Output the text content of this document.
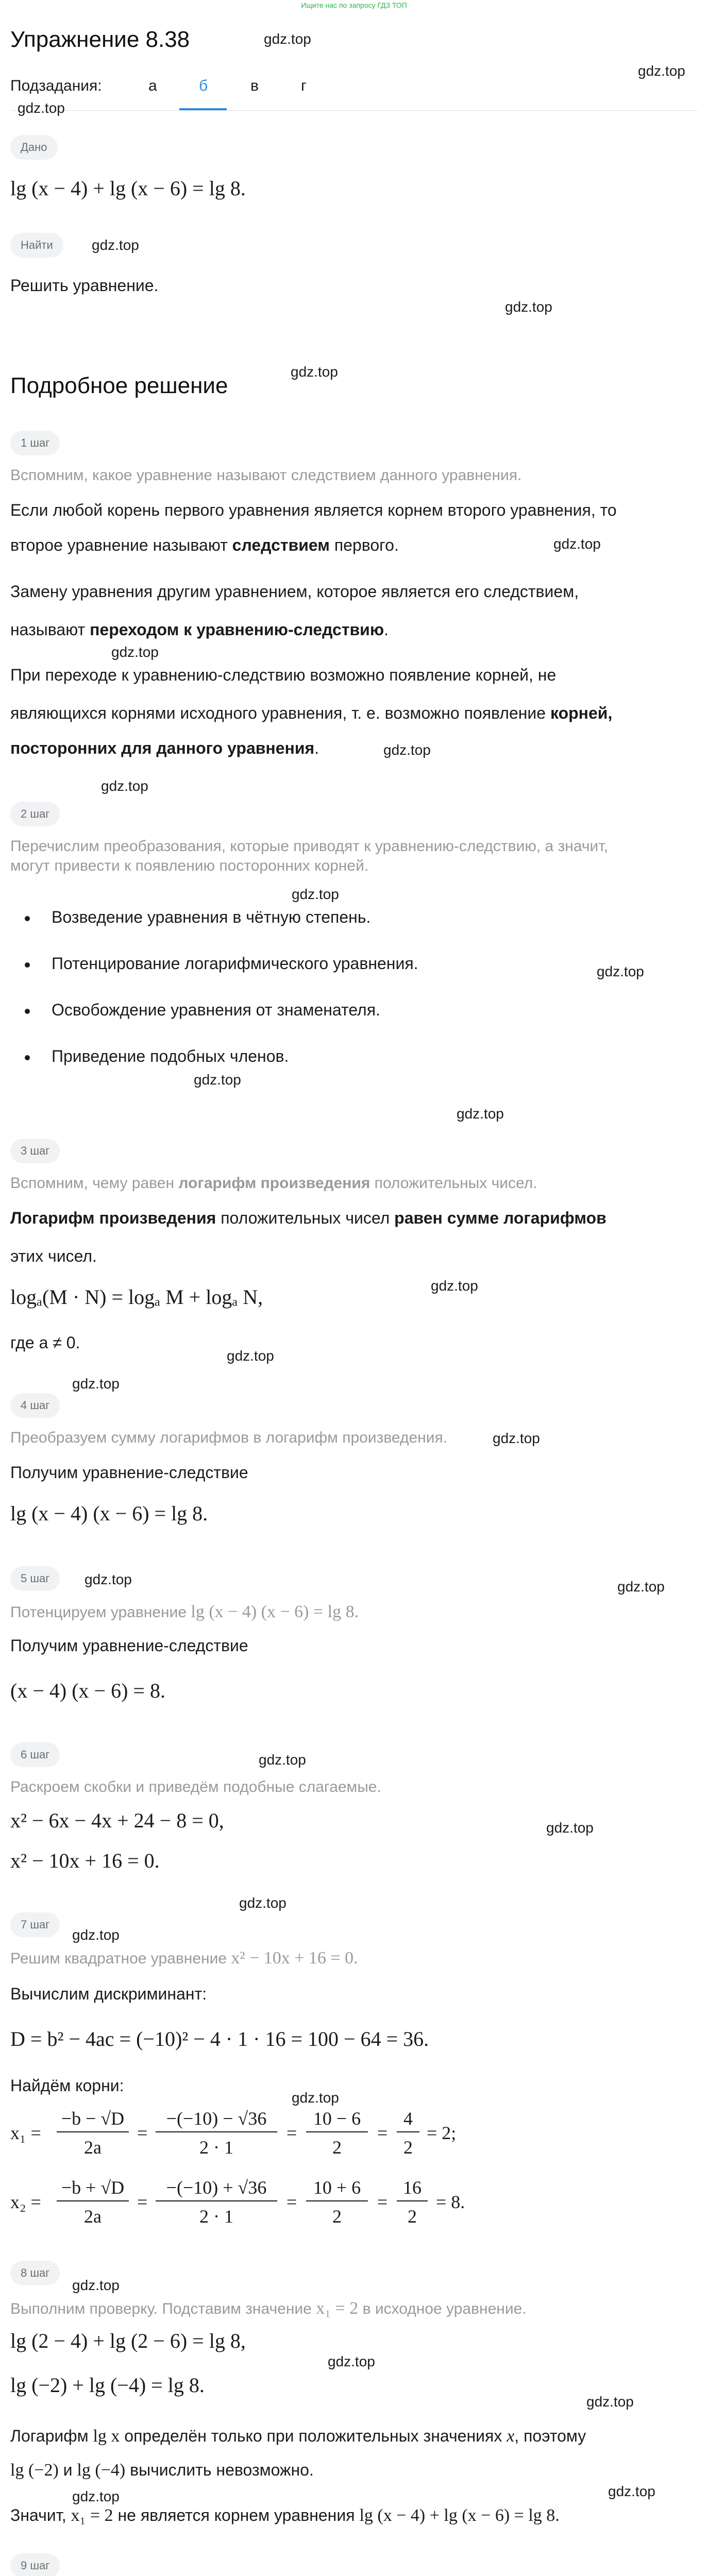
Ищите нас по запросу ГДЗ ТОП
Упражнение 8.38	gdz.top
gdz.top
Подзадания:	а	б	в	г
gdz.top
Дано
lg (x − 4) + lg (x − 6) = lg 8.
Найти	gdz.top
Решить уравнение.
gdz.top
gdz.top
Подробное решение
1 шаг
Вспомним, какое уравнение называют следствием данного уравнения.
Если любой корень первого уравнения является корнем второго уравнения, то
второе уравнение называют следствием первого.	gdz.top
Замену уравнения другим уравнением, которое является его следствием,
называют переходом к уравнению-следствию.
gdz.top
При переходе к уравнению-следствию возможно появление корней, не
являющихся корнями исходного уравнения, т. е. возможно появление корней,
посторонних для данного уравнения.	gdz.top
gdz.top
2 шаг
Перечислим преобразования, которые приводят к уравнению-следствию, а значит,
могут привести к появлению посторонних корней.
gdz.top
Возведение уравнения в чётную степень.
gdz.top
Потенцирование логарифмического уравнения.
Освобождение уравнения от знаменателя.
Приведение подобных членов.
gdz.top
gdz.top
3 шаг
Вспомним, чему равен логарифм произведения положительных чисел.
Логарифм произведения положительных чисел равен сумме логарифмов
этих чисел.
gdz.top
logₐ(M · N) = logₐ M + logₐ N,
где a ≠ 0.
gdz.top
gdz.top
4 шаг
Преобразуем сумму логарифмов в логарифм произведения.	gdz.top
Получим уравнение-следствие
lg (x − 4) (x − 6) = lg 8.
5 шаг	gdz.top
Потенцируем уравнение lg (x − 4) (x − 6) = lg 8.
gdz.top
Получим уравнение-следствие
(x − 4) (x − 6) = 8.
6 шаг	gdz.top
Раскроем скобки и приведём подобные слагаемые.
x² − 6x − 4x + 24 − 8 = 0,	gdz.top
x² − 10x + 16 = 0.
gdz.top
7 шаг
gdz.top
Решим квадратное уравнение x² − 10x + 16 = 0.
Вычислим дискриминант:
D = b² − 4ac = (−10)² − 4 · 1 · 16 = 100 − 64 = 36.
Найдём корни:
gdz.top
x₁ =
−b − √D
2a
=
−(−10) − √36
2 · 1
=
10 − 6
2
=
4
2
= 2;
x₂ =
−b + √D
2a
=
−(−10) + √36
2 · 1
=
10 + 6
2
=
16
2
= 8.
8 шаг
gdz.top
Выполним проверку. Подставим значение x₁ = 2 в исходное уравнение.
lg (2 − 4) + lg (2 − 6) = lg 8,
gdz.top
lg (−2) + lg (−4) = lg 8.
gdz.top
Логарифм lg x определён только при положительных значениях x, поэтому
lg (−2) и lg (−4) вычислить невозможно.
gdz.top
gdz.top
Значит, x₁ = 2 не является корнем уравнения lg (x − 4) + lg (x − 6) = lg 8.
9 шаг
